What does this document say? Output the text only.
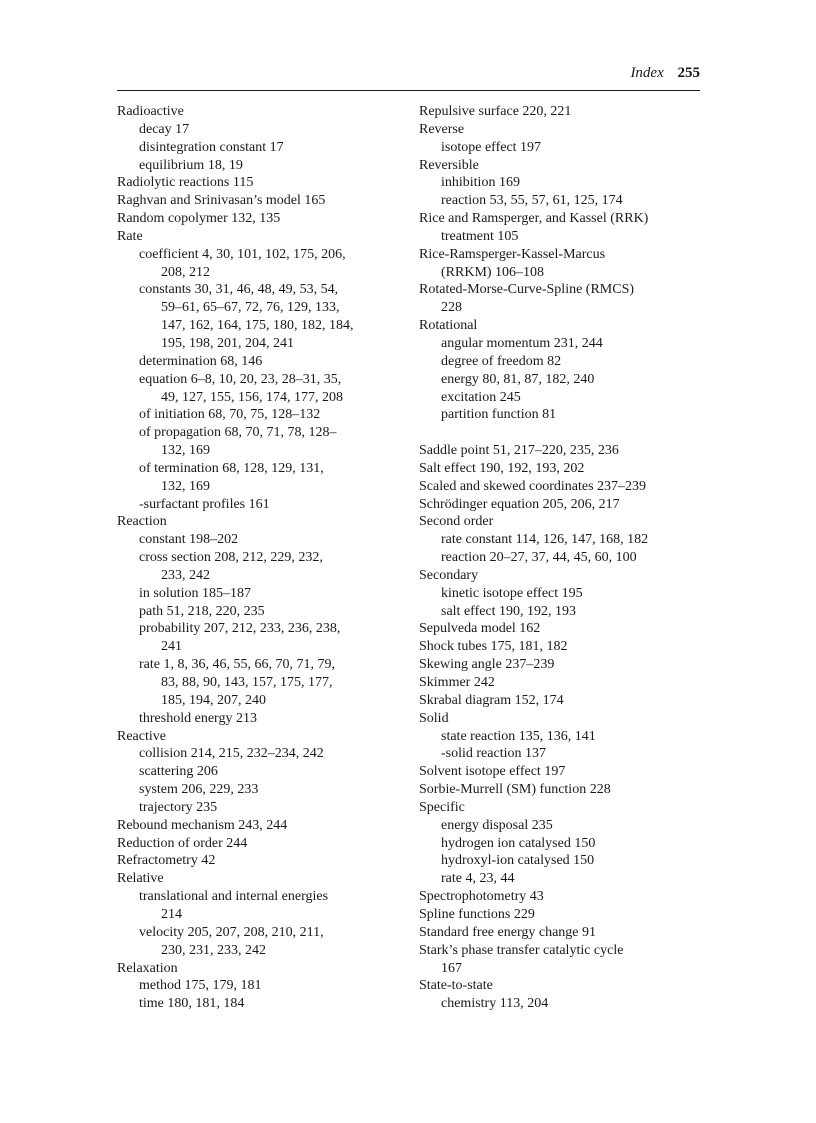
Index 255
Radioactive
decay 17
disintegration constant 17
equilibrium 18, 19
Radiolytic reactions 115
Raghvan and Srinivasan’s model 165
Random copolymer 132, 135
Rate
coefficient 4, 30, 101, 102, 175, 206,
208, 212
constants 30, 31, 46, 48, 49, 53, 54,
59–61, 65–67, 72, 76, 129, 133,
147, 162, 164, 175, 180, 182, 184,
195, 198, 201, 204, 241
determination 68, 146
equation 6–8, 10, 20, 23, 28–31, 35,
49, 127, 155, 156, 174, 177, 208
of initiation 68, 70, 75, 128–132
of propagation 68, 70, 71, 78, 128–
132, 169
of termination 68, 128, 129, 131,
132, 169
-surfactant profiles 161
Reaction
constant 198–202
cross section 208, 212, 229, 232,
233, 242
in solution 185–187
path 51, 218, 220, 235
probability 207, 212, 233, 236, 238,
241
rate 1, 8, 36, 46, 55, 66, 70, 71, 79,
83, 88, 90, 143, 157, 175, 177,
185, 194, 207, 240
threshold energy 213
Reactive
collision 214, 215, 232–234, 242
scattering 206
system 206, 229, 233
trajectory 235
Rebound mechanism 243, 244
Reduction of order 244
Refractometry 42
Relative
translational and internal energies
214
velocity 205, 207, 208, 210, 211,
230, 231, 233, 242
Relaxation
method 175, 179, 181
time 180, 181, 184
Repulsive surface 220, 221
Reverse
isotope effect 197
Reversible
inhibition 169
reaction 53, 55, 57, 61, 125, 174
Rice and Ramsperger, and Kassel (RRK)
treatment 105
Rice-Ramsperger-Kassel-Marcus
(RRKM) 106–108
Rotated-Morse-Curve-Spline (RMCS)
228
Rotational
angular momentum 231, 244
degree of freedom 82
energy 80, 81, 87, 182, 240
excitation 245
partition function 81
Saddle point 51, 217–220, 235, 236
Salt effect 190, 192, 193, 202
Scaled and skewed coordinates 237–239
Schrödinger equation 205, 206, 217
Second order
rate constant 114, 126, 147, 168, 182
reaction 20–27, 37, 44, 45, 60, 100
Secondary
kinetic isotope effect 195
salt effect 190, 192, 193
Sepulveda model 162
Shock tubes 175, 181, 182
Skewing angle 237–239
Skimmer 242
Skrabal diagram 152, 174
Solid
state reaction 135, 136, 141
-solid reaction 137
Solvent isotope effect 197
Sorbie-Murrell (SM) function 228
Specific
energy disposal 235
hydrogen ion catalysed 150
hydroxyl-ion catalysed 150
rate 4, 23, 44
Spectrophotometry 43
Spline functions 229
Standard free energy change 91
Stark’s phase transfer catalytic cycle
167
State-to-state
chemistry 113, 204
